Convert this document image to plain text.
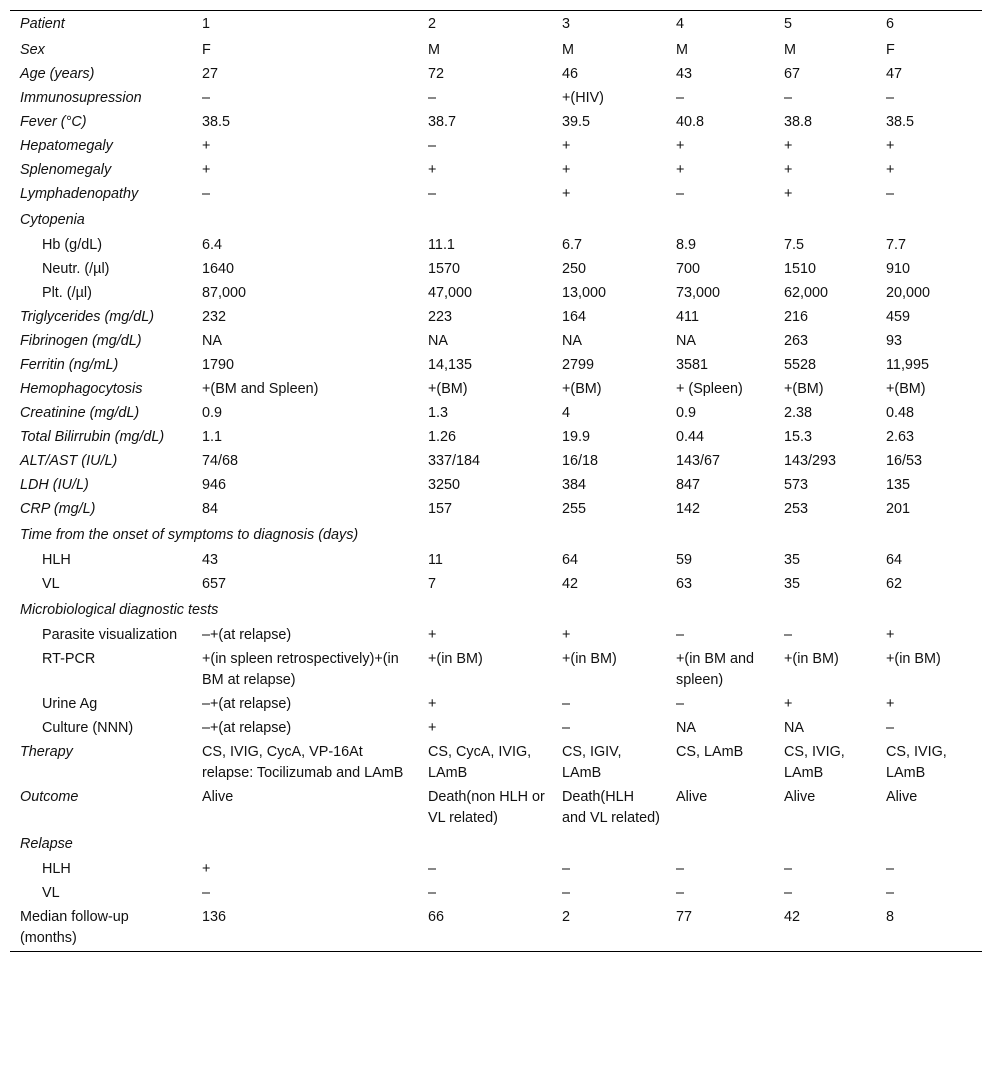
Patient	1	2	3	4	5	6
Sex	F	M	M	M	M	F
Age (years)	27	72	46	43	67	47
Immunosupression	–	–	+(HIV)	–	–	–
Fever (°C)	38.5	38.7	39.5	40.8	38.8	38.5
Hepatomegaly	+	–	+	+	+	+
Splenomegaly	+	+	+	+	+	+
Lymphadenopathy	–	–	+	–	+	–
Cytopenia						
Hb (g/dL)	6.4	11.1	6.7	8.9	7.5	7.7
Neutr. (/µl)	1640	1570	250	700	1510	910
Plt. (/µl)	87,000	47,000	13,000	73,000	62,000	20,000
Triglycerides (mg/dL)	232	223	164	411	216	459
Fibrinogen (mg/dL)	NA	NA	NA	NA	263	93
Ferritin (ng/mL)	1790	14,135	2799	3581	5528	11,995
Hemophagocytosis	+(BM and Spleen)	+(BM)	+(BM)	+ (Spleen)	+(BM)	+(BM)
Creatinine (mg/dL)	0.9	1.3	4	0.9	2.38	0.48
Total Bilirrubin (mg/dL)	1.1	1.26	19.9	0.44	15.3	2.63
ALT/AST (IU/L)	74/68	337/184	16/18	143/67	143/293	16/53
LDH (IU/L)	946	3250	384	847	573	135
CRP (mg/L)	84	157	255	142	253	201
Time from the onset of symptoms to diagnosis (days)						
HLH	43	11	64	59	35	64
VL	657	7	42	63	35	62
Microbiological diagnostic tests						
Parasite visualization	–+(at relapse)	+	+	–	–	+
RT-PCR	+(in spleen retrospectively)+(in BM at relapse)	+(in BM)	+(in BM)	+(in BM and spleen)	+(in BM)	+(in BM)
Urine Ag	–+(at relapse)	+	–	–	+	+
Culture (NNN)	–+(at relapse)	+	–	NA	NA	–
Therapy	CS, IVIG, CycA, VP-16At relapse: Tocilizumab and LAmB	CS, CycA, IVIG, LAmB	CS, IGIV, LAmB	CS, LAmB	CS, IVIG, LAmB	CS, IVIG, LAmB
Outcome	Alive	Death(non HLH or VL related)	Death(HLH and VL related)	Alive	Alive	Alive
Relapse						
HLH	+	–	–	–	–	–
VL	–	–	–	–	–	–
Median follow-up (months)	136	66	2	77	42	8
